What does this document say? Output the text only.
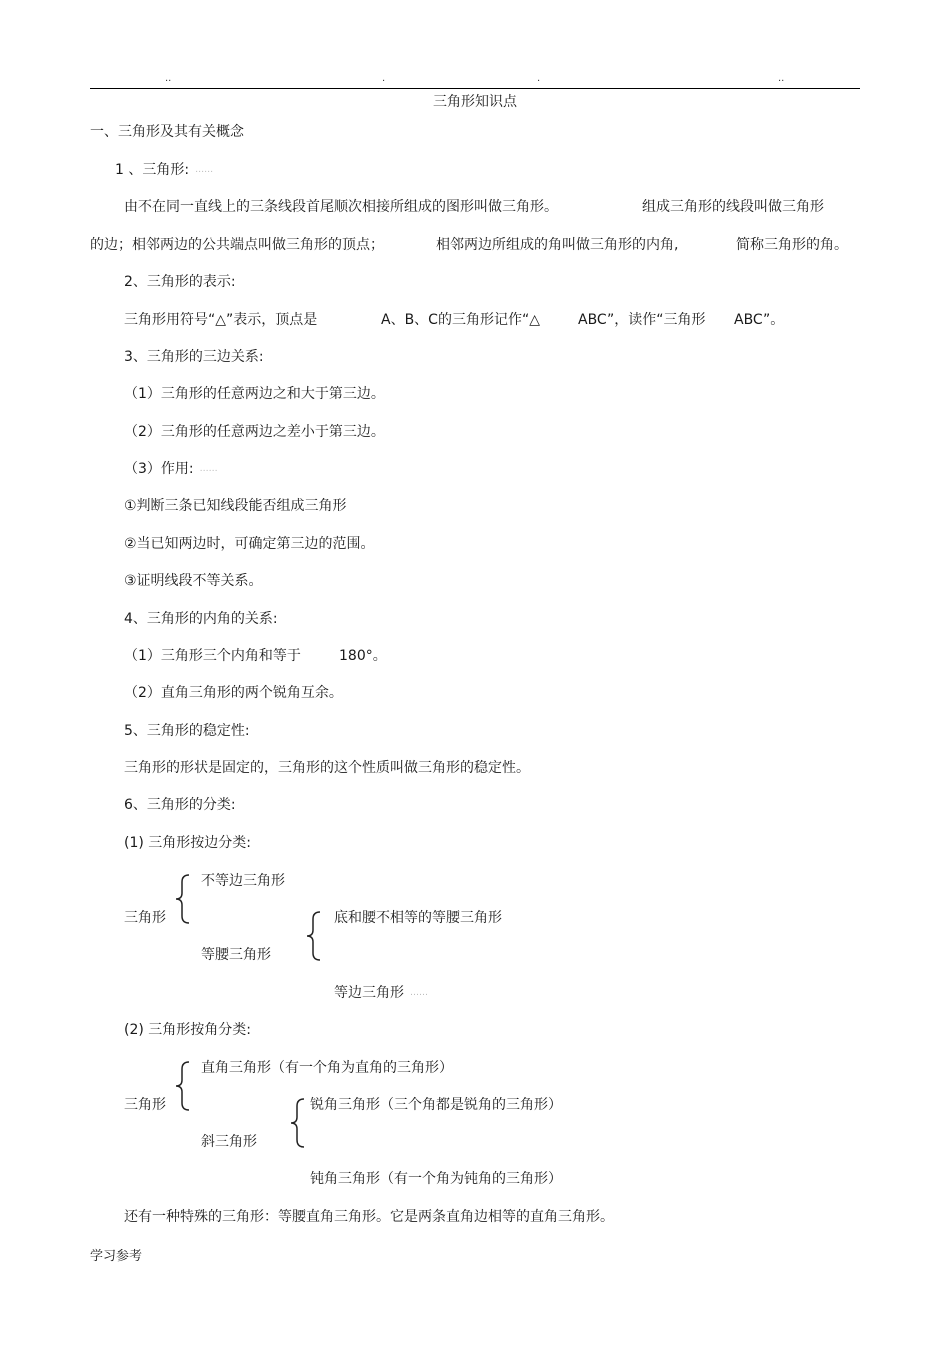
..	.	.	..
三角形知识点
一、三角形及其有关概念
1 、三角形: ……
由不在同一直线上的三条线段首尾顺次相接所组成的图形叫做三角形。	组成三角形的线段叫做三角形
的边；相邻两边的公共端点叫做三角形的顶点；	相邻两边所组成的角叫做三角形的内角,	简称三角形的角。
2、三角形的表示:
三角形用符号“△”表示，顶点是	A、B、C的三角形记作“△	ABC”，读作“三角形 ABC”。
3、三角形的三边关系:
（1）三角形的任意两边之和大于第三边。
（2）三角形的任意两边之差小于第三边。
（3）作用: ……
①判断三条已知线段能否组成三角形
②当已知两边时，可确定第三边的范围。
③证明线段不等关系。
4、三角形的内角的关系:
（1）三角形三个内角和等于	180°。
（2）直角三角形的两个锐角互余。
5、三角形的稳定性:
三角形的形状是固定的，三角形的这个性质叫做三角形的稳定性。
6、三角形的分类:
(1) 三角形按边分类:
三角形
不等边三角形
等腰三角形
底和腰不相等的等腰三角形
等边三角形 ……
(2) 三角形按角分类:
三角形
直角三角形（有一个角为直角的三角形）
斜三角形
锐角三角形（三个角都是锐角的三角形）
钝角三角形（有一个角为钝角的三角形）
还有一种特殊的三角形：等腰直角三角形。它是两条直角边相等的直角三角形。
学习参考
